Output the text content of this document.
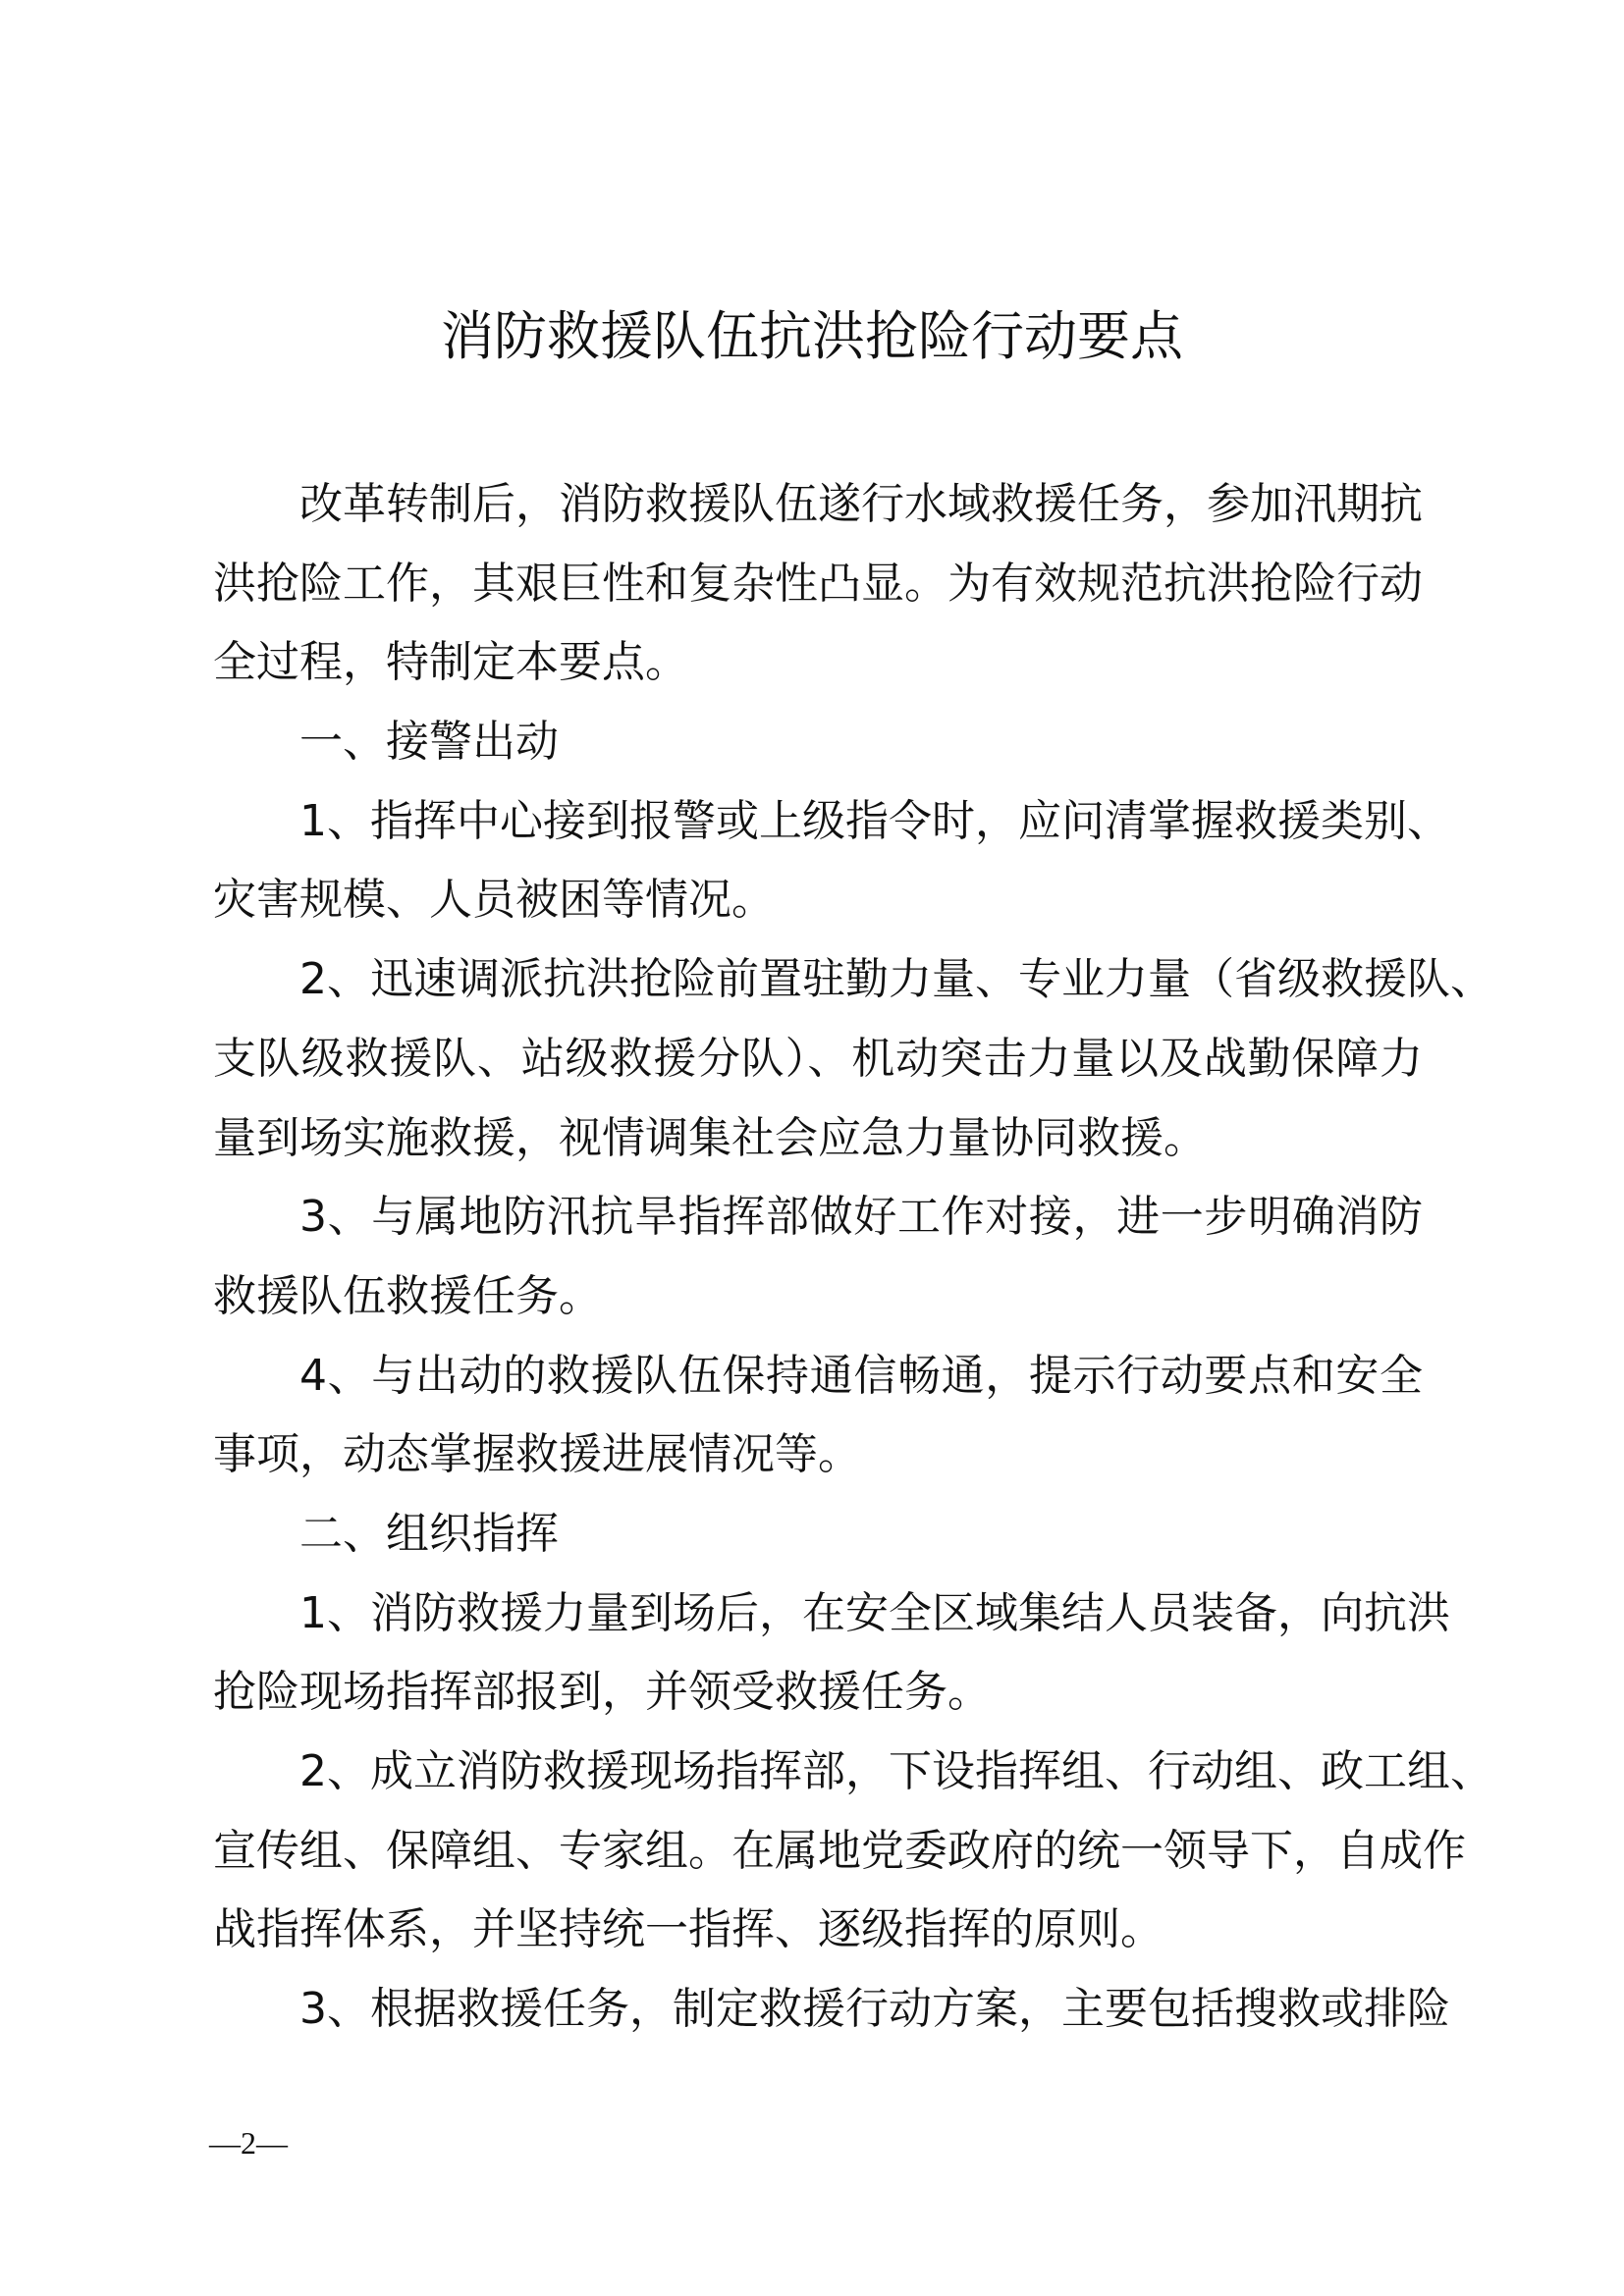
消防救援队伍抗洪抢险行动要点
改革转制后，消防救援队伍遂行水域救援任务，参加汛期抗
洪抢险工作，其艰巨性和复杂性凸显。为有效规范抗洪抢险行动
全过程，特制定本要点。
一、接警出动
1、指挥中心接到报警或上级指令时，应问清掌握救援类别、
灾害规模、人员被困等情况。
2、迅速调派抗洪抢险前置驻勤力量、专业力量（省级救援队、
支队级救援队、站级救援分队）、机动突击力量以及战勤保障力
量到场实施救援，视情调集社会应急力量协同救援。
3、与属地防汛抗旱指挥部做好工作对接，进一步明确消防
救援队伍救援任务。
4、与出动的救援队伍保持通信畅通，提示行动要点和安全
事项，动态掌握救援进展情况等。
二、组织指挥
1、消防救援力量到场后，在安全区域集结人员装备，向抗洪
抢险现场指挥部报到，并领受救援任务。
2、成立消防救援现场指挥部，下设指挥组、行动组、政工组、
宣传组、保障组、专家组。在属地党委政府的统一领导下，自成作
战指挥体系，并坚持统一指挥、逐级指挥的原则。
3、根据救援任务，制定救援行动方案，主要包括搜救或排险
—2—
